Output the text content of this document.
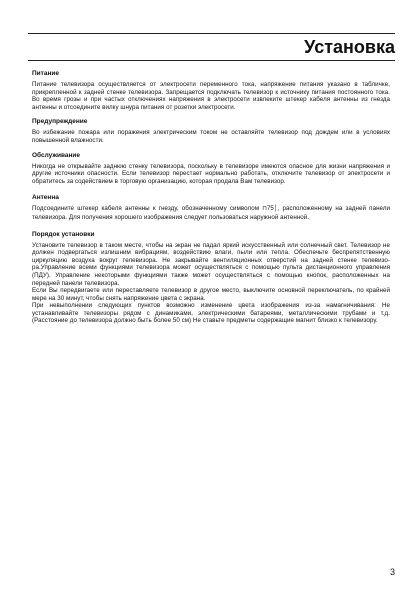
Установка
Питание

Питание телевизора осуществляется от электросети переменного тока, напряжение питания указано в табличке, прикрепленной к задней стенке телевизора. Запрещается подключать телевизор к источнику питания постоянного тока. Во время грозы и при частых отключениях напряжения в электросети извлеките штекер кабеля антенны из гнезда антенны и отсоедините вилку шнура питания от розетки электросети.

Предупреждение

Во избежание пожара или поражения электрическим током не оставляйте телевизор под дождем или в условиях повышенной влажности.

Обслуживание

Никогда не открывайте заднюю стенку телевизора, поскольку в телевизоре имеются опасное для жизни напряжения и другие источники опасности. Если телевизор перестает нормально работать, отключите телевизор от электросети и обратитесь за содействием в торговую организацию, которая продала Вам телевизор.

Антенна

Подсоедините штекер кабеля антенны к гнезду, обозначенному символом ⊓75│, расположенному на задней панели телевизора. Для получения хорошего изображения следует пользоваться наружной антенной.

Порядок установки

Установите телевизор в таком месте, чтобы на экран не падал яркий искусственный или солнечный свет. Телевизор не должен подвергаться излишним вибрациям, воздействию влаги, пыли или тепла. Обеспечьте беспрепятственную циркуляцию воздуха вокруг телевизора. Не закрывайте вентиляционных отверстий на задней стенке телевизо-ра.Управление всеми функциями телевизора может осуществляться с помощью пульта дистанционного управления (ПДУ). Управление некоторыми функциями также может осуществляться с помощью кнопок, расположенных на передней панели телевизора.

Если Вы передвигаете или переставляете телевизор в другое место, выключите основной переключатель, по крайней мере на 30 минут, чтобы снять напряжение цвета с экрана.

При невыполнении следующих пунктов возможно изменение цвета изображения из-за намагничивания: Не устанавливайте телевизоры рядом с динамиками, электрическими батареями, металлическими трубами и т.д. (Расстояние до телевизора должно быть более 50 см) Не ставьте предметы содержащие магнит близко к телевизору.

3
